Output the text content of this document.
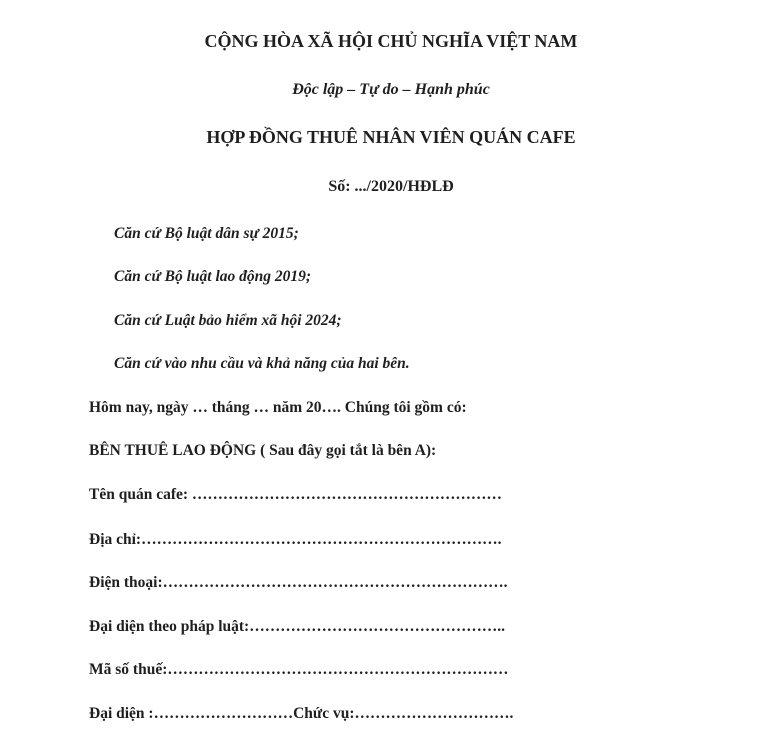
CỘNG HÒA XÃ HỘI CHỦ NGHĨA VIỆT NAM
Độc lập – Tự do – Hạnh phúc
HỢP ĐỒNG THUÊ NHÂN VIÊN QUÁN CAFE
Số: .../2020/HĐLĐ
Căn cứ Bộ luật dân sự 2015;
Căn cứ Bộ luật lao động 2019;
Căn cứ Luật bảo hiểm xã hội 2024;
Căn cứ vào nhu cầu và khả năng của hai bên.
Hôm nay, ngày … tháng … năm 20…. Chúng tôi gồm có:
BÊN THUÊ LAO ĐỘNG ( Sau đây gọi tắt là bên A):
Tên quán cafe: ……………………………………………………
Địa chỉ:…………………………………………………………….
Điện thoại:………………………………………………………….
Đại diện theo pháp luật:…………………………………………..
Mã số thuế:…………………………………………………………
Đại diện :………………………Chức vụ:………………………….
